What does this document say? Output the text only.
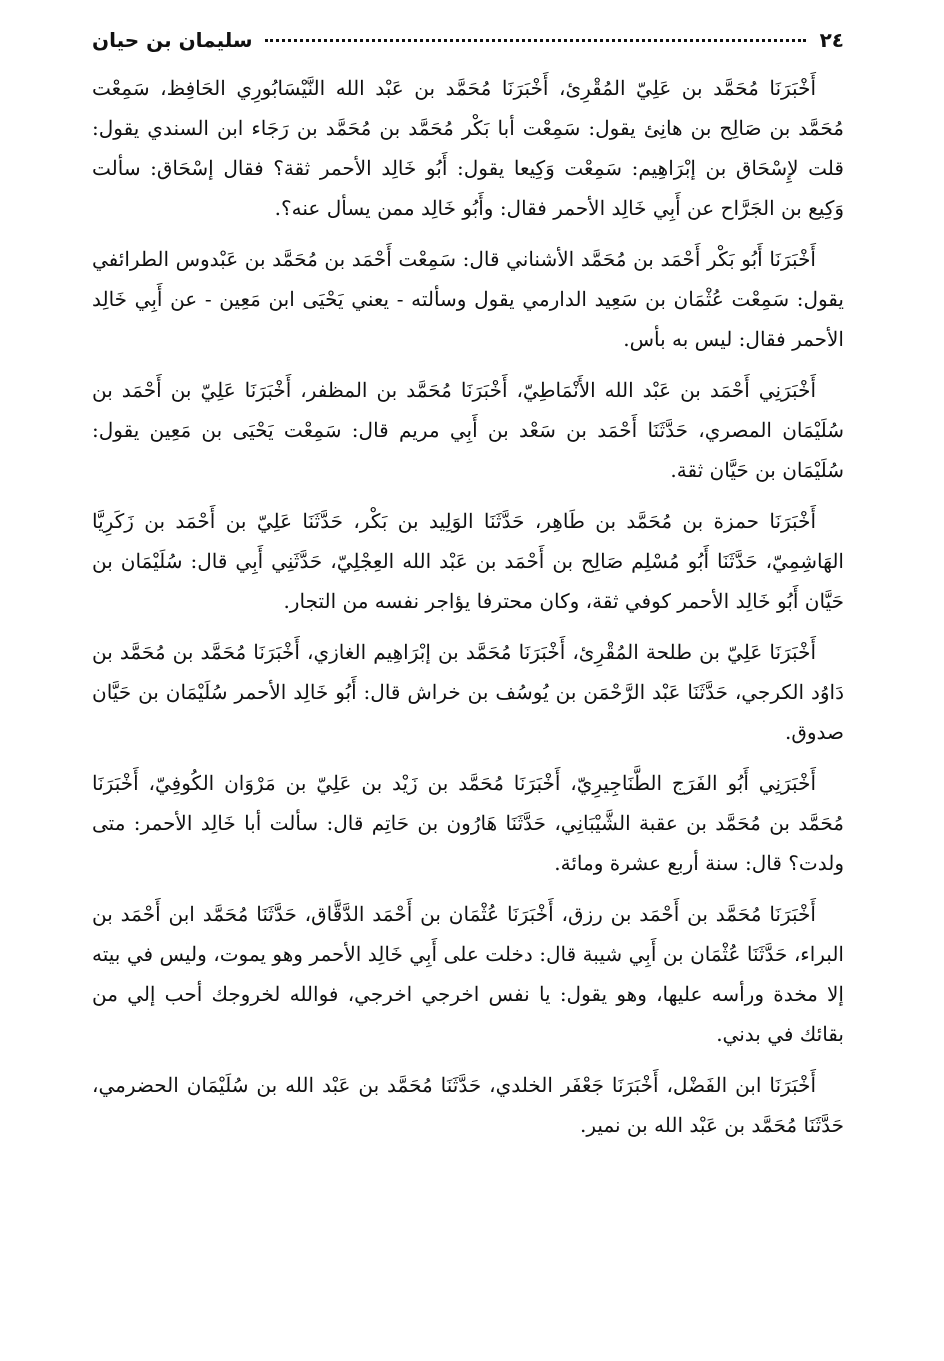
٢٤
سليمان بن حيان

أَخْبَرَنَا مُحَمَّد بن عَلِيّ المُقْرِئ، أَخْبَرَنَا مُحَمَّد بن عَبْد الله النَّيْسَابُورِي الحَافِظ، سَمِعْت مُحَمَّد بن صَالِح بن هانِئ يقول: سَمِعْت أبا بَكْر مُحَمَّد بن مُحَمَّد بن رَجَاء ابن السندي يقول: قلت لإِسْحَاق بن إبْرَاهِيم: سَمِعْت وَكِيعا يقول: أَبُو خَالِد الأحمر ثقة؟ فقال إسْحَاق: سألت وَكِيع بن الجَرَّاح عن أَبِي خَالِد الأحمر فقال: وأَبُو خَالِد ممن يسأل عنه؟.

أَخْبَرَنَا أَبُو بَكْر أَحْمَد بن مُحَمَّد الأشناني قال: سَمِعْت أَحْمَد بن مُحَمَّد بن عَبْدوس الطرائفي يقول: سَمِعْت عُثْمَان بن سَعِيد الدارمي يقول وسألته - يعني يَحْيَى ابن مَعِين - عن أَبِي خَالِد الأحمر فقال: ليس به بأس.

أَخْبَرَنِي أَحْمَد بن عَبْد الله الأَنْمَاطِيّ، أَخْبَرَنَا مُحَمَّد بن المظفر، أَخْبَرَنَا عَلِيّ بن أَحْمَد بن سُلَيْمَان المصري، حَدَّثَنَا أَحْمَد بن سَعْد بن أَبِي مريم قال: سَمِعْت يَحْيَى بن مَعِين يقول: سُلَيْمَان بن حَيَّان ثقة.

أَخْبَرَنَا حمزة بن مُحَمَّد بن طَاهِر، حَدَّثَنَا الوَلِيد بن بَكْر، حَدَّثَنَا عَلِيّ بن أَحْمَد بن زَكَرِيَّا الهَاشِمِيّ، حَدَّثَنَا أَبُو مُسْلِم صَالِح بن أَحْمَد بن عَبْد الله العِجْلِيّ، حَدَّثَنِي أَبِي قال: سُلَيْمَان بن حَيَّان أَبُو خَالِد الأحمر كوفي ثقة، وكان محترفا يؤاجر نفسه من التجار.

أَخْبَرَنَا عَلِيّ بن طلحة المُقْرِئ، أَخْبَرَنَا مُحَمَّد بن إبْرَاهِيم الغازي، أَخْبَرَنَا مُحَمَّد بن مُحَمَّد بن دَاوُد الكرجي، حَدَّثَنَا عَبْد الرَّحْمَن بن يُوسُف بن خراش قال: أَبُو خَالِد الأحمر سُلَيْمَان بن حَيَّان صدوق.

أَخْبَرَنِي أَبُو الفَرَج الطَّنَاجِيرِيّ، أَخْبَرَنَا مُحَمَّد بن زَيْد بن عَلِيّ بن مَرْوَان الكُوفِيّ، أَخْبَرَنَا مُحَمَّد بن مُحَمَّد بن عقبة الشَّيْبَانِي، حَدَّثَنَا هَارُون بن حَاتِم قال: سألت أبا خَالِد الأحمر: متى ولدت؟ قال: سنة أربع عشرة ومائة.

أَخْبَرَنَا مُحَمَّد بن أَحْمَد بن رزق، أَخْبَرَنَا عُثْمَان بن أَحْمَد الدَّقَّاق، حَدَّثَنَا مُحَمَّد ابن أَحْمَد بن البراء، حَدَّثَنَا عُثْمَان بن أَبِي شيبة قال: دخلت على أَبِي خَالِد الأحمر وهو يموت، وليس في بيته إلا مخدة ورأسه عليها، وهو يقول: يا نفس اخرجي اخرجي، فوالله لخروجك أحب إلي من بقائك في بدني.

أَخْبَرَنَا ابن الفَضْل، أَخْبَرَنَا جَعْفَر الخلدي، حَدَّثَنَا مُحَمَّد بن عَبْد الله بن سُلَيْمَان الحضرمي، حَدَّثَنَا مُحَمَّد بن عَبْد الله بن نمير.
